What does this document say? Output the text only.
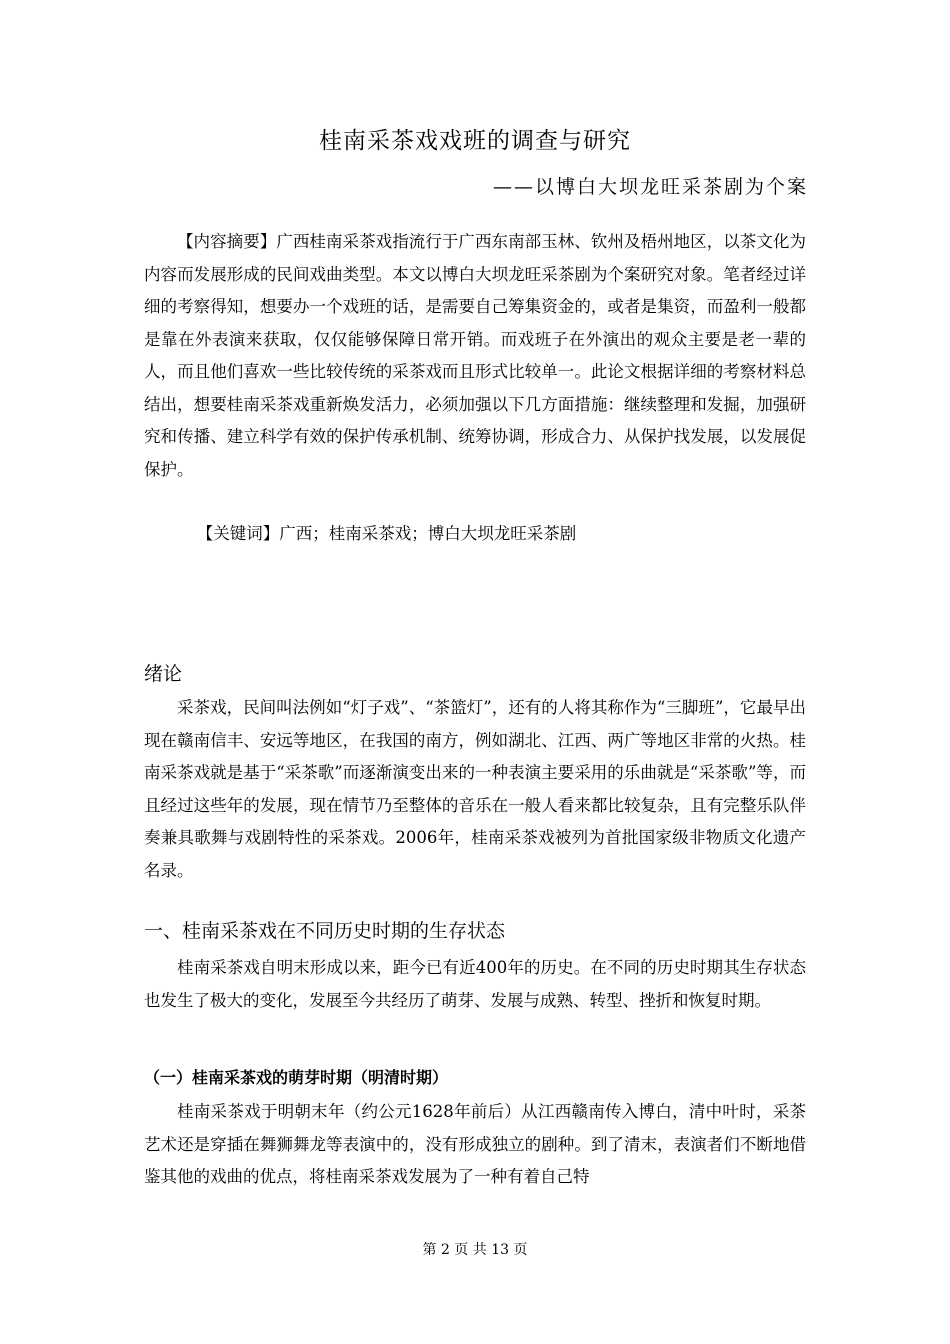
桂南采茶戏戏班的调查与研究
——以博白大坝龙旺采茶剧为个案
【内容摘要】广西桂南采茶戏指流行于广西东南部玉林、钦州及梧州地区，以茶文化为内容而发展形成的民间戏曲类型。本文以博白大坝龙旺采茶剧为个案研究对象。笔者经过详细的考察得知，想要办一个戏班的话，是需要自己筹集资金的，或者是集资，而盈利一般都是靠在外表演来获取，仅仅能够保障日常开销。而戏班子在外演出的观众主要是老一辈的人，而且他们喜欢一些比较传统的采茶戏而且形式比较单一。此论文根据详细的考察材料总结出，想要桂南采茶戏重新焕发活力，必须加强以下几方面措施：继续整理和发掘，加强研究和传播、建立科学有效的保护传承机制、统筹协调，形成合力、从保护找发展，以发展促保护。
【关键词】广西；桂南采茶戏；博白大坝龙旺采茶剧
绪论
采茶戏，民间叫法例如“灯子戏”、“茶篮灯”，还有的人将其称作为“三脚班”，它最早出现在赣南信丰、安远等地区，在我国的南方，例如湖北、江西、两广等地区非常的火热。桂南采茶戏就是基于“采茶歌”而逐渐演变出来的一种表演主要采用的乐曲就是“采茶歌”等，而且经过这些年的发展，现在情节乃至整体的音乐在一般人看来都比较复杂，且有完整乐队伴奏兼具歌舞与戏剧特性的采茶戏。2006年，桂南采茶戏被列为首批国家级非物质文化遗产名录。
一、桂南采茶戏在不同历史时期的生存状态
桂南采茶戏自明末形成以来，距今已有近400年的历史。在不同的历史时期其生存状态也发生了极大的变化，发展至今共经历了萌芽、发展与成熟、转型、挫折和恢复时期。
（一）桂南采茶戏的萌芽时期（明清时期）
桂南采茶戏于明朝末年（约公元1628年前后）从江西赣南传入博白，清中叶时，采茶艺术还是穿插在舞狮舞龙等表演中的，没有形成独立的剧种。到了清末，表演者们不断地借鉴其他的戏曲的优点，将桂南采茶戏发展为了一种有着自己特
第 2 页 共 13 页
